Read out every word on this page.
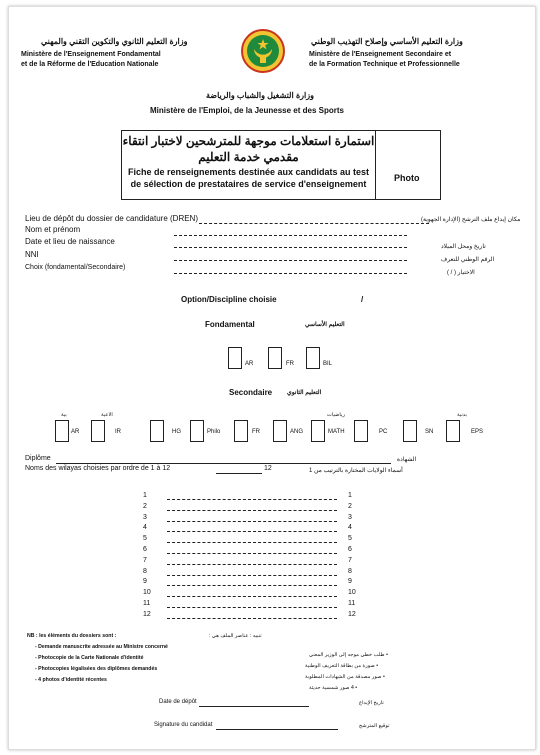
وزارة التعليم الثانوي والتكوين التقني والمهني
Ministère de l'Enseignement Fondamental
et de la Réforme de l'Education Nationale
وزارة التعليم الأساسي وإصلاح التهذيب الوطني
Ministère de l'Enseignement Secondaire et
de la Formation Technique et Professionnelle
وزارة التشغيل والشباب والرياضة
Ministère de l'Emploi, de la Jeunesse et des Sports
استمارة استعلامات موجهة للمترشحين لاختبار انتقاء
مقدمي خدمة التعليم
Fiche de renseignements destinée aux candidats au test
de sélection de prestataires de service d'enseignement
Photo
Lieu de dépôt du dossier de candidature (DREN)	مكان إيداع ملف الترشح (الإدارة الجهوية)
Nom et prénom
Date et lieu de naissance
تاريخ ومحل الميلاد
NNI
الرقم الوطني للتعرف
Choix (fondamental/Secondaire)
الاختيار ( / )
Option/Discipline choisie	/
Fondamental	التعليم الأساسي
AR	FR	BIL
Secondaire التعليم الثانوي
بية	الاعية	رياضيات	بدنية
AR	IR	HG	Philo	FR	ANG	MATH	PC	SN	EPS
Diplôme	الشهادة
Noms des wilayas choisies par ordre de 1 à 12	12	أسماء الولايات المختارة بالترتيب من 1
1	1
2	2
3	3
4	4
5	5
6	6
7	7
8	8
9	9
10	10
11	11
12	12
NB : les éléments du dossiers sont :	تنبيه : عناصر الملف هي :
- Demande manuscrite adressée au Ministre concerné
- Photocopie de la Carte Nationale d'identité
- Photocopies légalisées des diplômes demandés
- 4 photos d'identité récentes
• طلب خطي موجه إلى الوزير المعني
• صورة من بطاقة التعريف الوطنية
• صور مصدقة من الشهادات المطلوبة
• 4 صور شمسية حديثة
Date de dépôt	تاريخ الإيداع
Signature du candidat	توقيع المترشح
